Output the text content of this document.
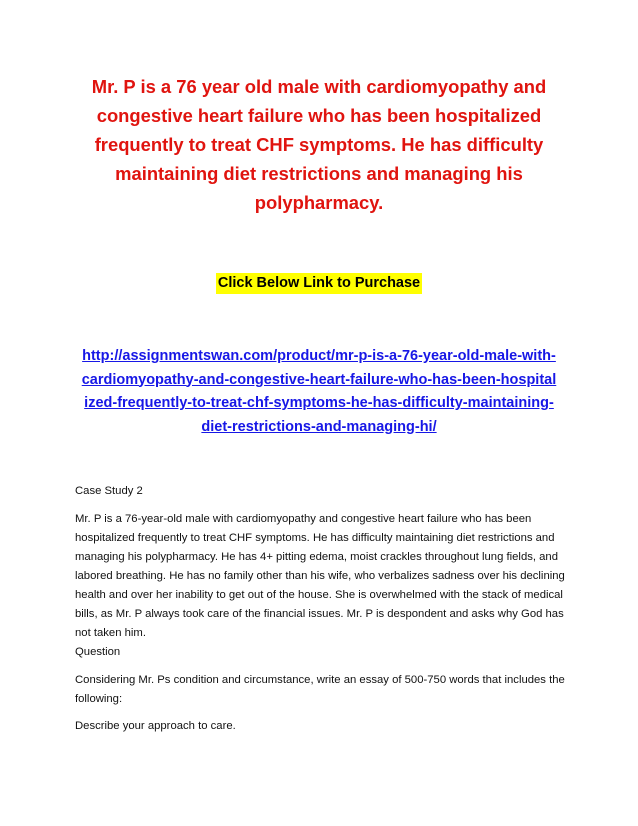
Mr. P is a 76 year old male with cardiomyopathy and congestive heart failure who has been hospitalized frequently to treat CHF symptoms. He has difficulty maintaining diet restrictions and managing his polypharmacy.
Click Below Link to Purchase
http://assignmentswan.com/product/mr-p-is-a-76-year-old-male-with-cardiomyopathy-and-congestive-heart-failure-who-has-been-hospitalized-frequently-to-treat-chf-symptoms-he-has-difficulty-maintaining-diet-restrictions-and-managing-hi/

Case Study 2

Mr. P is a 76-year-old male with cardiomyopathy and congestive heart failure who has been hospitalized frequently to treat CHF symptoms. He has difficulty maintaining diet restrictions and managing his polypharmacy. He has 4+ pitting edema, moist crackles throughout lung fields, and labored breathing. He has no family other than his wife, who verbalizes sadness over his declining health and over her inability to get out of the house. She is overwhelmed with the stack of medical bills, as Mr. P always took care of the financial issues. Mr. P is despondent and asks why God has not taken him.

Question

Considering Mr. Ps condition and circumstance, write an essay of 500-750 words that includes the following:

Describe your approach to care.
